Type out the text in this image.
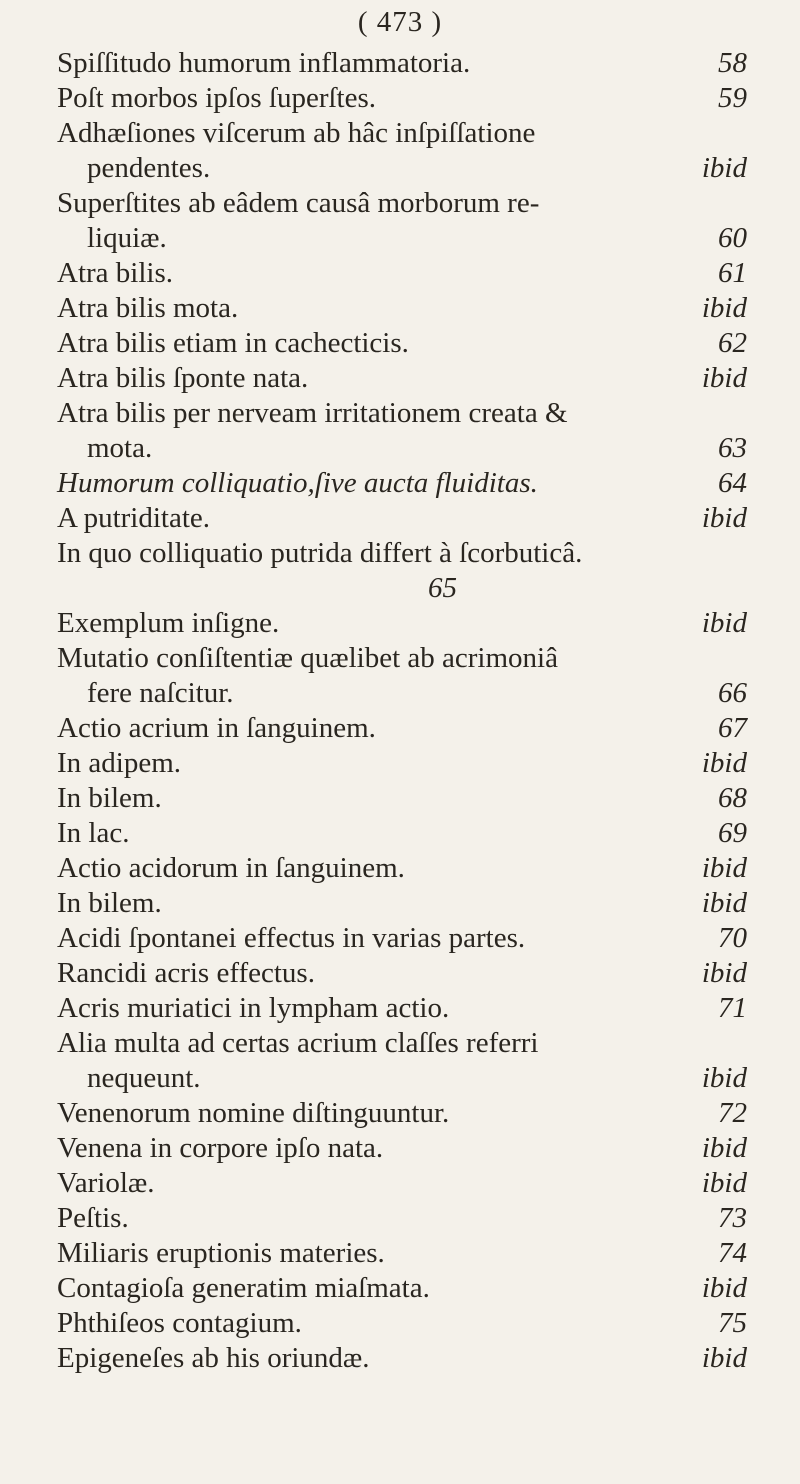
( 473 )
Spiſſitudo humorum inflammatoria.	58
Poſt morbos ipſos ſuperſtes.	59
Adhæſiones viſcerum ab hâc inſpiſſatione
pendentes.	ibid
Superſtites ab eâdem causâ morborum re-
liquiæ.	60
Atra bilis.	61
Atra bilis mota.	ibid
Atra bilis etiam in cachecticis.	62
Atra bilis ſponte nata.	ibid
Atra bilis per nerveam irritationem creata &
mota.	63
Humorum colliquatio,ſive aucta fluiditas.	64
A putriditate.	ibid
In quo colliquatio putrida differt à ſcorbuticâ.
65
Exemplum inſigne.	ibid
Mutatio conſiſtentiæ quælibet ab acrimoniâ
fere naſcitur.	66
Actio acrium in ſanguinem.	67
In adipem.	ibid
In bilem.	68
In lac.	69
Actio acidorum in ſanguinem.	ibid
In bilem.	ibid
Acidi ſpontanei effectus in varias partes.	70
Rancidi acris effectus.	ibid
Acris muriatici in lympham actio.	71
Alia multa ad certas acrium claſſes referri
nequeunt.	ibid
Venenorum nomine diſtinguuntur.	72
Venena in corpore ipſo nata.	ibid
Variolæ.	ibid
Peſtis.	73
Miliaris eruptionis materies.	74
Contagioſa generatim miaſmata.	ibid
Phthiſeos contagium.	75
Epigeneſes ab his oriundæ.	ibid
